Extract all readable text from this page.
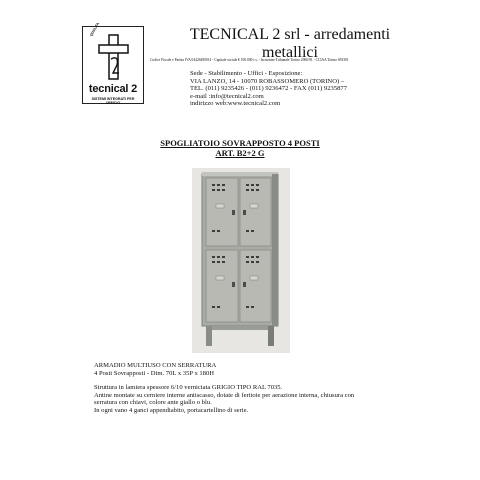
QUALITA
tecnical 2
SISTEMI INTEGRATI PER UFFICIO
TECNICAL 2 srl - arredamenti
metallici
Codice Fiscale e Partita IVA 04426490014 - Capitale sociale € 100.000 i.v. - Iscrizione Tribunale Torino 2006/91 - CCIAA Torino 693391
Sede - Stabilimento - Uffici - Esposizione:
VIA LANZO, 14 - 10070 ROBASSOMERO (TORINO) –
TEL. (011) 9235426 - (011) 9236472 - FAX (011) 9235877
e-mail :info@tecnical2.com
indirizzo web:www.tecnical2.com
SPOGLIATOIO SOVRAPPOSTO 4 POSTI
ART. B2+2 G
ARMADIO MULTIUSO CON SERRATURA
4 Posti Sovrapposti - Dim. 70L x 35P x 180H
Struttura in lamiera spessore 6/10 verniciata GRIGIO TIPO RAL 7035.
Antine montate su cerniere interne antiscasso, dotate di feritoie per aerazione interna, chiusura con
serratura con chiavi, colore ante giallo o blu.
In ogni vano 4 ganci appendiabito, portacartellino di serie.
